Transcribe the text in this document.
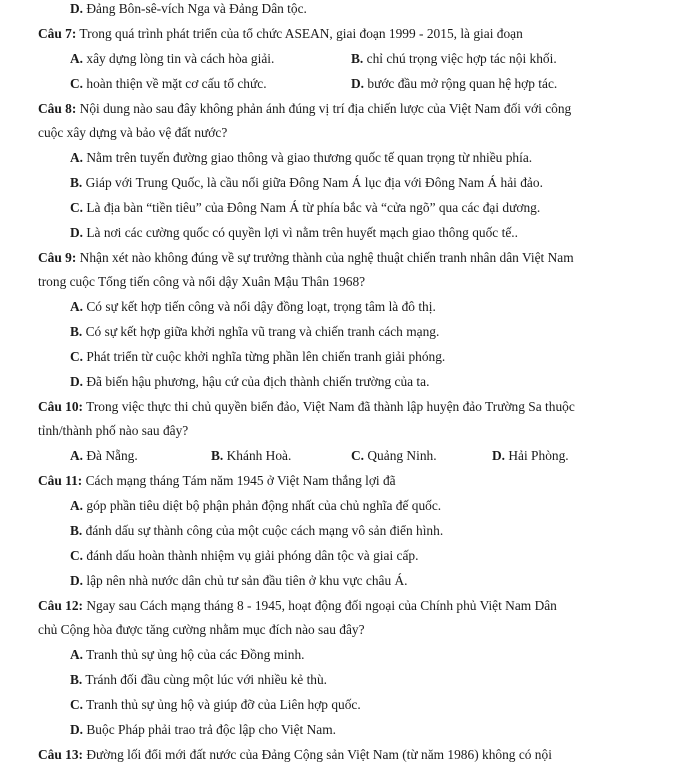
D. Đảng Bôn-sê-vích Nga và Đảng Dân tộc.
Câu 7: Trong quá trình phát triển của tổ chức ASEAN, giai đoạn 1999 - 2015, là giai đoạn
A. xây dựng lòng tin và cách hòa giải.	B. chỉ chú trọng việc hợp tác nội khối.
C. hoàn thiện về mặt cơ cấu tổ chức.	D. bước đầu mở rộng quan hệ hợp tác.
Câu 8: Nội dung nào sau đây không phản ánh đúng vị trí địa chiến lược của Việt Nam đối với công
cuộc xây dựng và bảo vệ đất nước?
A. Nằm trên tuyến đường giao thông và giao thương quốc tế quan trọng từ nhiều phía.
B. Giáp với Trung Quốc, là cầu nối giữa Đông Nam Á lục địa với Đông Nam Á hải đảo.
C. Là địa bàn “tiền tiêu” của Đông Nam Á từ phía bắc và “cửa ngõ” qua các đại dương.
D. Là nơi các cường quốc có quyền lợi vì nằm trên huyết mạch giao thông quốc tế..
Câu 9: Nhận xét nào không đúng về sự trưởng thành của nghệ thuật chiến tranh nhân dân Việt Nam
trong cuộc Tổng tiến công và nổi dậy Xuân Mậu Thân 1968?
A. Có sự kết hợp tiến công và nổi dậy đồng loạt, trọng tâm là đô thị.
B. Có sự kết hợp giữa khởi nghĩa vũ trang và chiến tranh cách mạng.
C. Phát triển từ cuộc khởi nghĩa từng phần lên chiến tranh giải phóng.
D. Đã biến hậu phương, hậu cứ của địch thành chiến trường của ta.
Câu 10: Trong việc thực thi chủ quyền biển đảo, Việt Nam đã thành lập huyện đảo Trường Sa thuộc
tỉnh/thành phố nào sau đây?
A. Đà Nẵng.	B. Khánh Hoà.	C. Quảng Ninh.	D. Hải Phòng.
Câu 11: Cách mạng tháng Tám năm 1945 ở Việt Nam thắng lợi đã
A. góp phần tiêu diệt bộ phận phản động nhất của chủ nghĩa đế quốc.
B. đánh dấu sự thành công của một cuộc cách mạng vô sản điển hình.
C. đánh dấu hoàn thành nhiệm vụ giải phóng dân tộc và giai cấp.
D. lập nên nhà nước dân chủ tư sản đầu tiên ở khu vực châu Á.
Câu 12: Ngay sau Cách mạng tháng 8 - 1945, hoạt động đối ngoại của Chính phủ Việt Nam Dân
chủ Cộng hòa được tăng cường nhằm mục đích nào sau đây?
A. Tranh thủ sự ủng hộ của các Đồng minh.
B. Tránh đối đầu cùng một lúc với nhiều kẻ thù.
C. Tranh thủ sự ủng hộ và giúp đỡ của Liên hợp quốc.
D. Buộc Pháp phải trao trả độc lập cho Việt Nam.
Câu 13: Đường lối đổi mới đất nước của Đảng Cộng sản Việt Nam (từ năm 1986) không có nội
